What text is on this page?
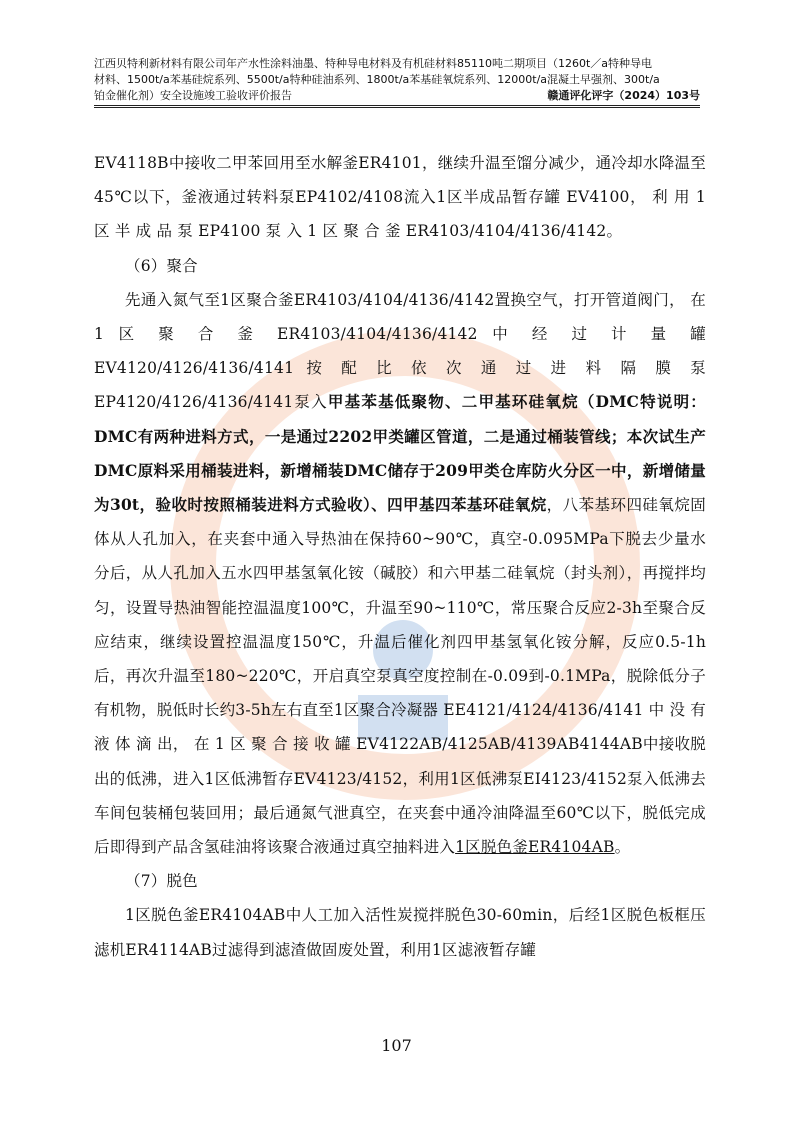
江西贝特利新材料有限公司年产水性涂料油墨、特种导电材料及有机硅材料85110吨二期项目（1260t／a特种导电
材料、1500t/a苯基硅烷系列、5500t/a特种硅油系列、1800t/a苯基硅氧烷系列、12000t/a混凝土早强剂、300t/a
铂金催化剂）安全设施竣工验收评价报告	赣通评化评字（2024）103号

EV4118B中接收二甲苯回用至水解釜ER4101，继续升温至馏分减少，通冷却水降温至45℃以下，釜液通过转料泵EP4102/4108流入1区半成品暂存罐 EV4100， 利 用 1 区 半 成 品 泵 EP4100 泵 入 1 区 聚 合 釜 ER4103/4104/4136/4142。

（6）聚合

先通入氮气至1区聚合釜ER4103/4104/4136/4142置换空气，打开管道阀门， 在 1 区 聚 合 釜 ER4103/4104/4136/4142 中 经 过 计 量 罐 EV4120/4126/4136/4141 按 配 比 依 次 通 过 进 料 隔 膜 泵 EP4120/4126/4136/4141泵入甲基苯基低聚物、二甲基环硅氧烷（DMC特说明： DMC有两种进料方式，一是通过2202甲类罐区管道，二是通过桶装管线；本次试生产DMC原料采用桶装进料，新增桶装DMC储存于209甲类仓库防火分区一中，新增储量为30t，验收时按照桶装进料方式验收）、四甲基四苯基环硅氧烷，八苯基环四硅氧烷固体从人孔加入，在夹套中通入导热油在保持60~90℃，真空-0.095MPa下脱去少量水分后，从人孔加入五水四甲基氢氧化铵（碱胶）和六甲基二硅氧烷（封头剂），再搅拌均匀，设置导热油智能控温温度100℃，升温至90~110℃，常压聚合反应2-3h至聚合反应结束，继续设置控温温度150℃，升温后催化剂四甲基氢氧化铵分解，反应0.5-1h后，再次升温至180~220℃，开启真空泵真空度控制在-0.09到-0.1MPa，脱除低分子有机物，脱低时长约3-5h左右直至1区聚合冷凝器 EE4121/4124/4136/4141 中 没 有 液 体 滴 出， 在 1 区 聚 合 接 收 罐 EV4122AB/4125AB/4139AB4144AB中接收脱出的低沸，进入1区低沸暂存EV4123/4152，利用1区低沸泵EI4123/4152泵入低沸去车间包装桶包装回用；最后通氮气泄真空，在夹套中通冷油降温至60℃以下，脱低完成后即得到产品含氢硅油将该聚合液通过真空抽料进入1区脱色釜ER4104AB。

（7）脱色

1区脱色釜ER4104AB中人工加入活性炭搅拌脱色30-60min，后经1区脱色板框压滤机ER4114AB过滤得到滤渣做固废处置，利用1区滤液暂存罐

107
